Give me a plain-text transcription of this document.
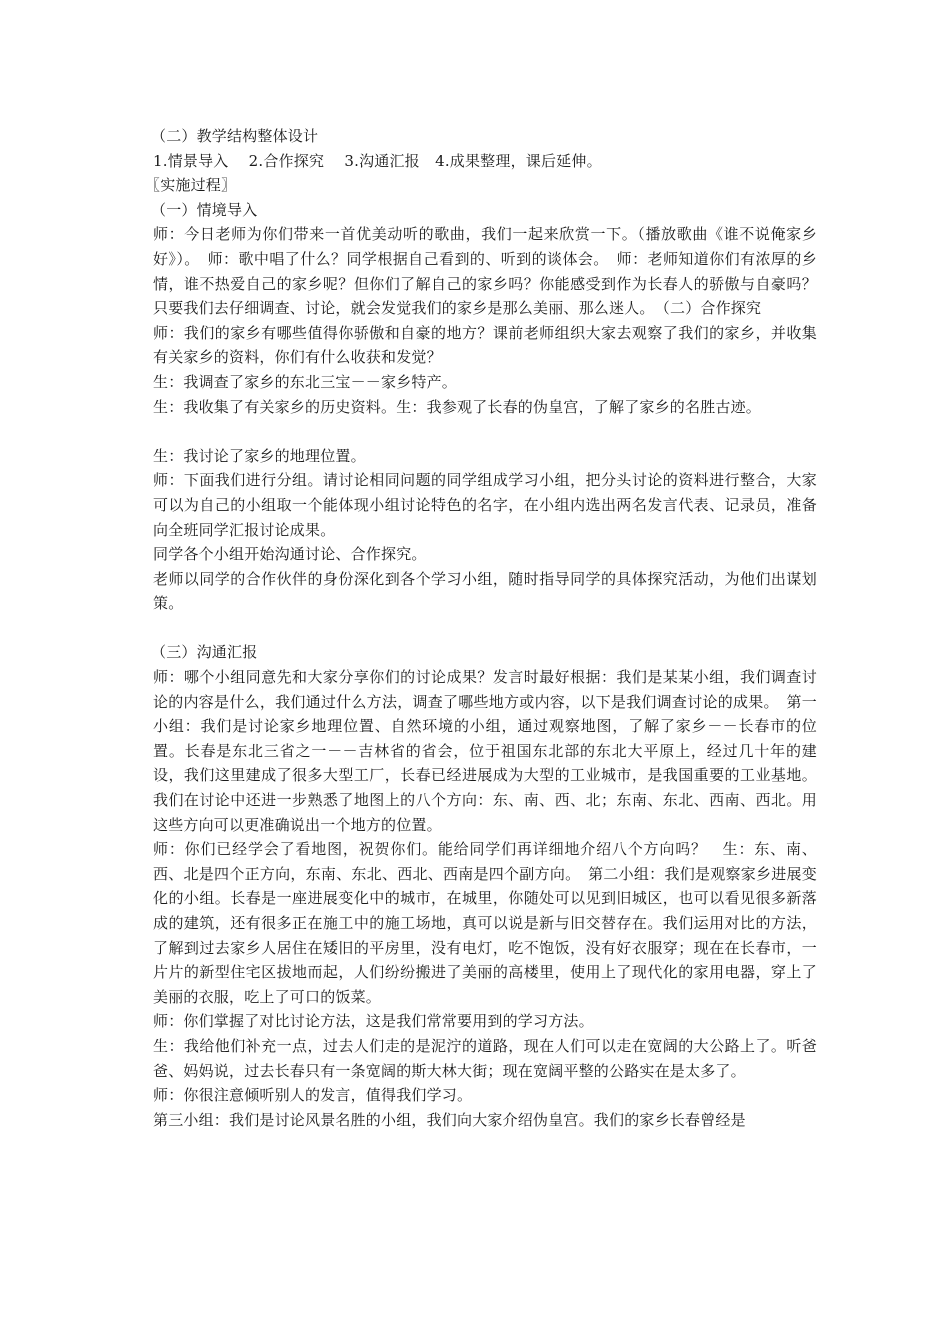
（二）教学结构整体设计

1.情景导入　 2.合作探究　 3.沟通汇报　4.成果整理，课后延伸。

〖实施过程〗

（一）情境导入

师：今日老师为你们带来一首优美动听的歌曲，我们一起来欣赏一下。（播放歌曲《谁不说俺家乡好》）。　师：歌中唱了什么？同学根据自己看到的、听到的谈体会。　师：老师知道你们有浓厚的乡情，谁不热爱自己的家乡呢？但你们了解自己的家乡吗？你能感受到作为长春人的骄傲与自豪吗？只要我们去仔细调查、讨论，就会发觉我们的家乡是那么美丽、那么迷人。　（二）合作探究

师：我们的家乡有哪些值得你骄傲和自豪的地方？课前老师组织大家去观察了我们的家乡，并收集有关家乡的资料，你们有什么收获和发觉？

生：我调查了家乡的东北三宝－－家乡特产。

生：我收集了有关家乡的历史资料。生：我参观了长春的伪皇宫，了解了家乡的名胜古迹。

生：我讨论了家乡的地理位置。

师：下面我们进行分组。请讨论相同问题的同学组成学习小组，把分头讨论的资料进行整合，大家可以为自己的小组取一个能体现小组讨论特色的名字，在小组内选出两名发言代表、记录员，准备向全班同学汇报讨论成果。

同学各个小组开始沟通讨论、合作探究。

老师以同学的合作伙伴的身份深化到各个学习小组，随时指导同学的具体探究活动，为他们出谋划策。

（三）沟通汇报

师：哪个小组同意先和大家分享你们的讨论成果？发言时最好根据：我们是某某小组，我们调查讨论的内容是什么，我们通过什么方法，调查了哪些地方或内容，以下是我们调查讨论的成果。　第一小组：我们是讨论家乡地理位置、自然环境的小组，通过观察地图，了解了家乡－－长春市的位置。长春是东北三省之一－－吉林省的省会，位于祖国东北部的东北大平原上，经过几十年的建设，我们这里建成了很多大型工厂，长春已经进展成为大型的工业城市，是我国重要的工业基地。我们在讨论中还进一步熟悉了地图上的八个方向：东、南、西、北；东南、东北、西南、西北。用这些方向可以更准确说出一个地方的位置。

师：你们已经学会了看地图，祝贺你们。能给同学们再详细地介绍八个方向吗？　生：东、南、西、北是四个正方向，东南、东北、西北、西南是四个副方向。　第二小组：我们是观察家乡进展变化的小组。长春是一座进展变化中的城市，在城里，你随处可以见到旧城区，也可以看见很多新落成的建筑，还有很多正在施工中的施工场地，真可以说是新与旧交替存在。我们运用对比的方法，了解到过去家乡人居住在矮旧的平房里，没有电灯，吃不饱饭，没有好衣服穿；现在在长春市，一片片的新型住宅区拔地而起，人们纷纷搬进了美丽的高楼里，使用上了现代化的家用电器，穿上了美丽的衣服，吃上了可口的饭菜。

师：你们掌握了对比讨论方法，这是我们常常要用到的学习方法。

生：我给他们补充一点，过去人们走的是泥泞的道路，现在人们可以走在宽阔的大公路上了。听爸爸、妈妈说，过去长春只有一条宽阔的斯大林大街；现在宽阔平整的公路实在是太多了。

师：你很注意倾听别人的发言，值得我们学习。

第三小组：我们是讨论风景名胜的小组，我们向大家介绍伪皇宫。我们的家乡长春曾经是
